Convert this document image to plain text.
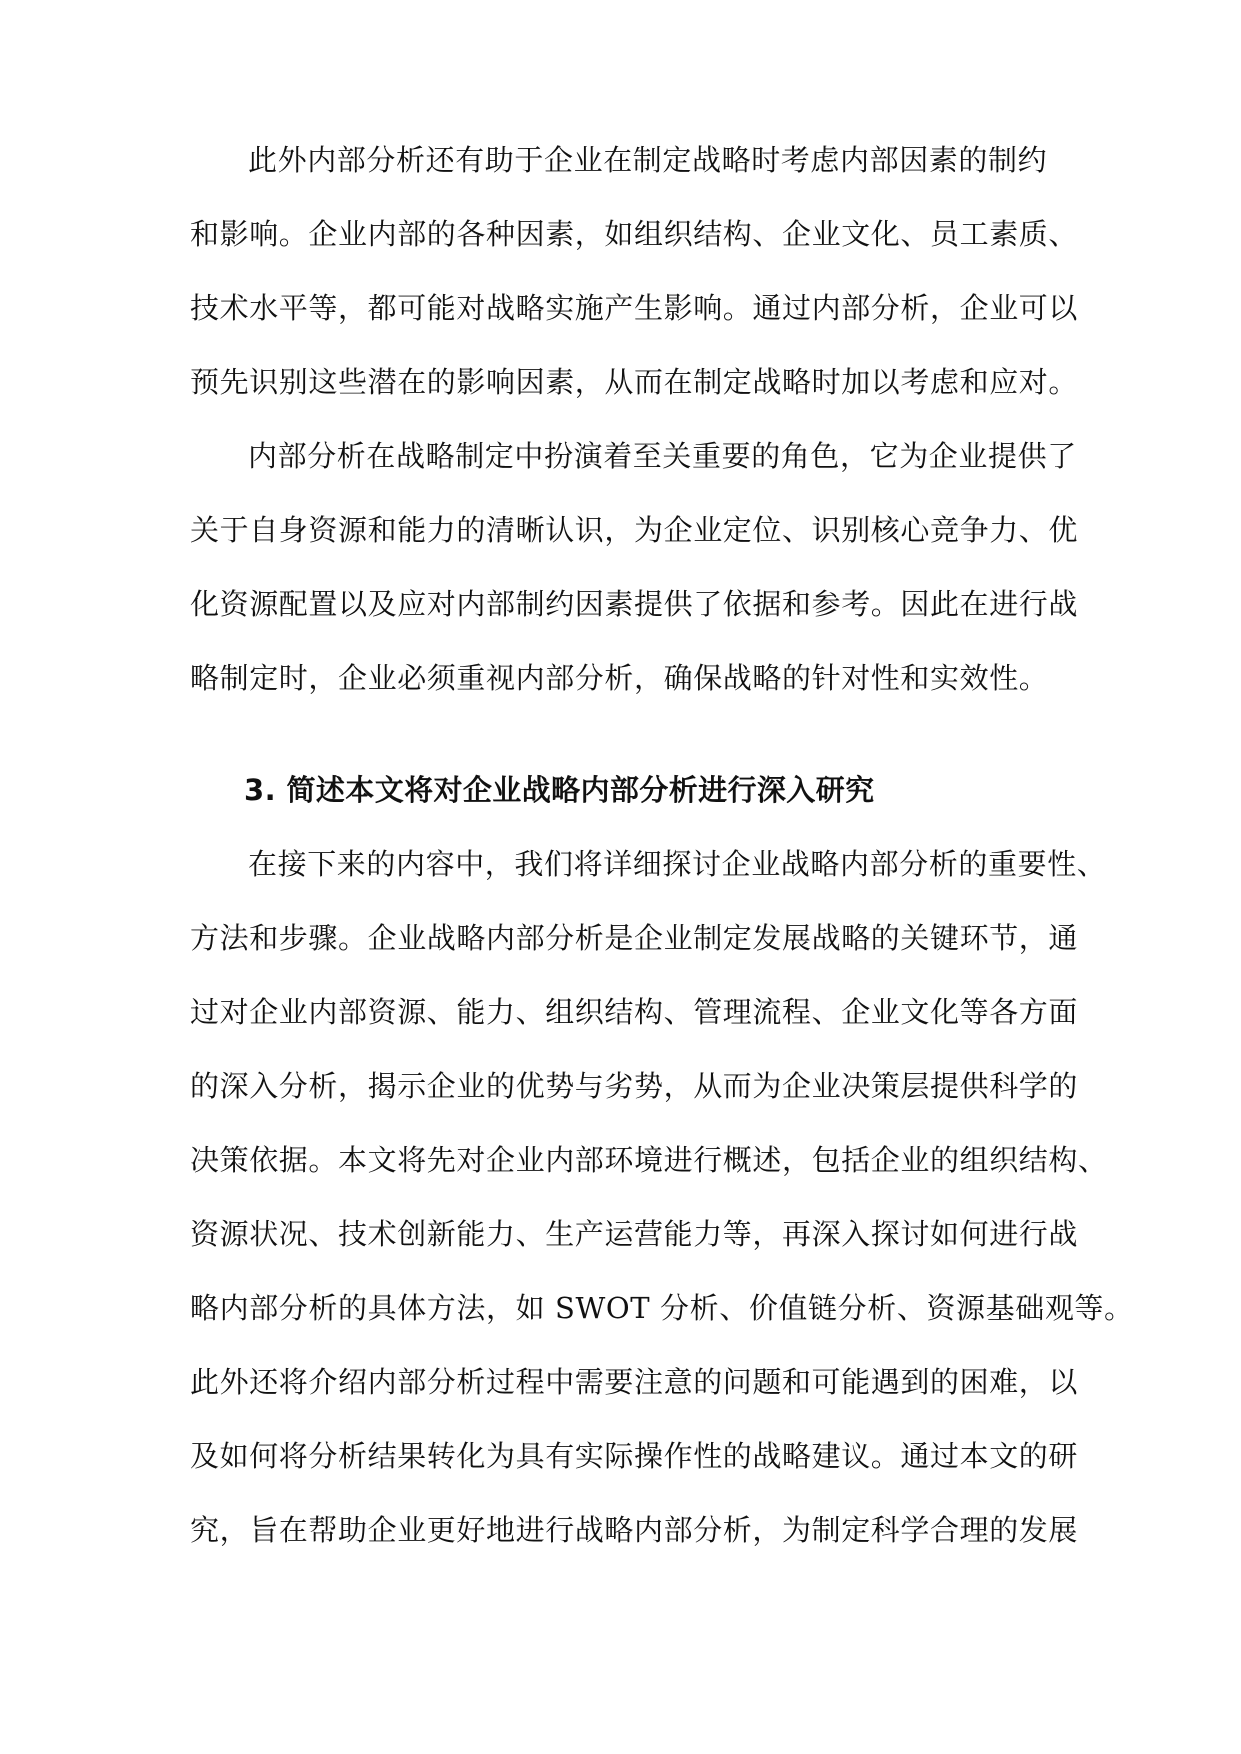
此外内部分析还有助于企业在制定战略时考虑内部因素的制约
和影响。企业内部的各种因素，如组织结构、企业文化、员工素质、
技术水平等，都可能对战略实施产生影响。通过内部分析，企业可以
预先识别这些潜在的影响因素，从而在制定战略时加以考虑和应对。
内部分析在战略制定中扮演着至关重要的角色，它为企业提供了
关于自身资源和能力的清晰认识，为企业定位、识别核心竞争力、优
化资源配置以及应对内部制约因素提供了依据和参考。因此在进行战
略制定时，企业必须重视内部分析，确保战略的针对性和实效性。
3. 简述本文将对企业战略内部分析进行深入研究
在接下来的内容中，我们将详细探讨企业战略内部分析的重要性、
方法和步骤。企业战略内部分析是企业制定发展战略的关键环节，通
过对企业内部资源、能力、组织结构、管理流程、企业文化等各方面
的深入分析，揭示企业的优势与劣势，从而为企业决策层提供科学的
决策依据。本文将先对企业内部环境进行概述，包括企业的组织结构、
资源状况、技术创新能力、生产运营能力等，再深入探讨如何进行战
略内部分析的具体方法，如 SWOT 分析、价值链分析、资源基础观等。
此外还将介绍内部分析过程中需要注意的问题和可能遇到的困难，以
及如何将分析结果转化为具有实际操作性的战略建议。通过本文的研
究，旨在帮助企业更好地进行战略内部分析，为制定科学合理的发展
